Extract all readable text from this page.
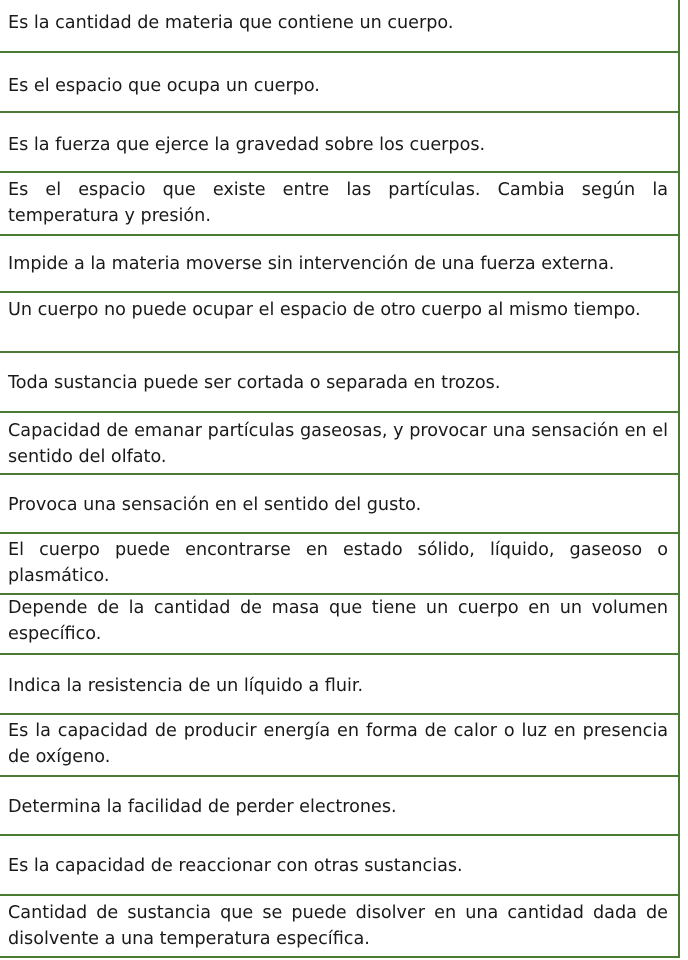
Es la cantidad de materia que contiene un cuerpo.
Es el espacio que ocupa un cuerpo.
Es la fuerza que ejerce la gravedad sobre los cuerpos.
Es el espacio que existe entre las partículas. Cambia según la temperatura y presión.
Impide a la materia moverse sin intervención de una fuerza externa.
Un cuerpo no puede ocupar el espacio de otro cuerpo al mismo tiempo.
Toda sustancia puede ser cortada o separada en trozos.
Capacidad de emanar partículas gaseosas, y provocar una sensación en el sentido del olfato.
Provoca una sensación en el sentido del gusto.
El cuerpo puede encontrarse en estado sólido, líquido, gaseoso o plasmático.
Depende de la cantidad de masa que tiene un cuerpo en un volumen específico.
Indica la resistencia de un líquido a fluir.
Es la capacidad de producir energía en forma de calor o luz en presencia de oxígeno.
Determina la facilidad de perder electrones.
Es la capacidad de reaccionar con otras sustancias.
Cantidad de sustancia que se puede disolver en una cantidad dada de disolvente a una temperatura específica.
